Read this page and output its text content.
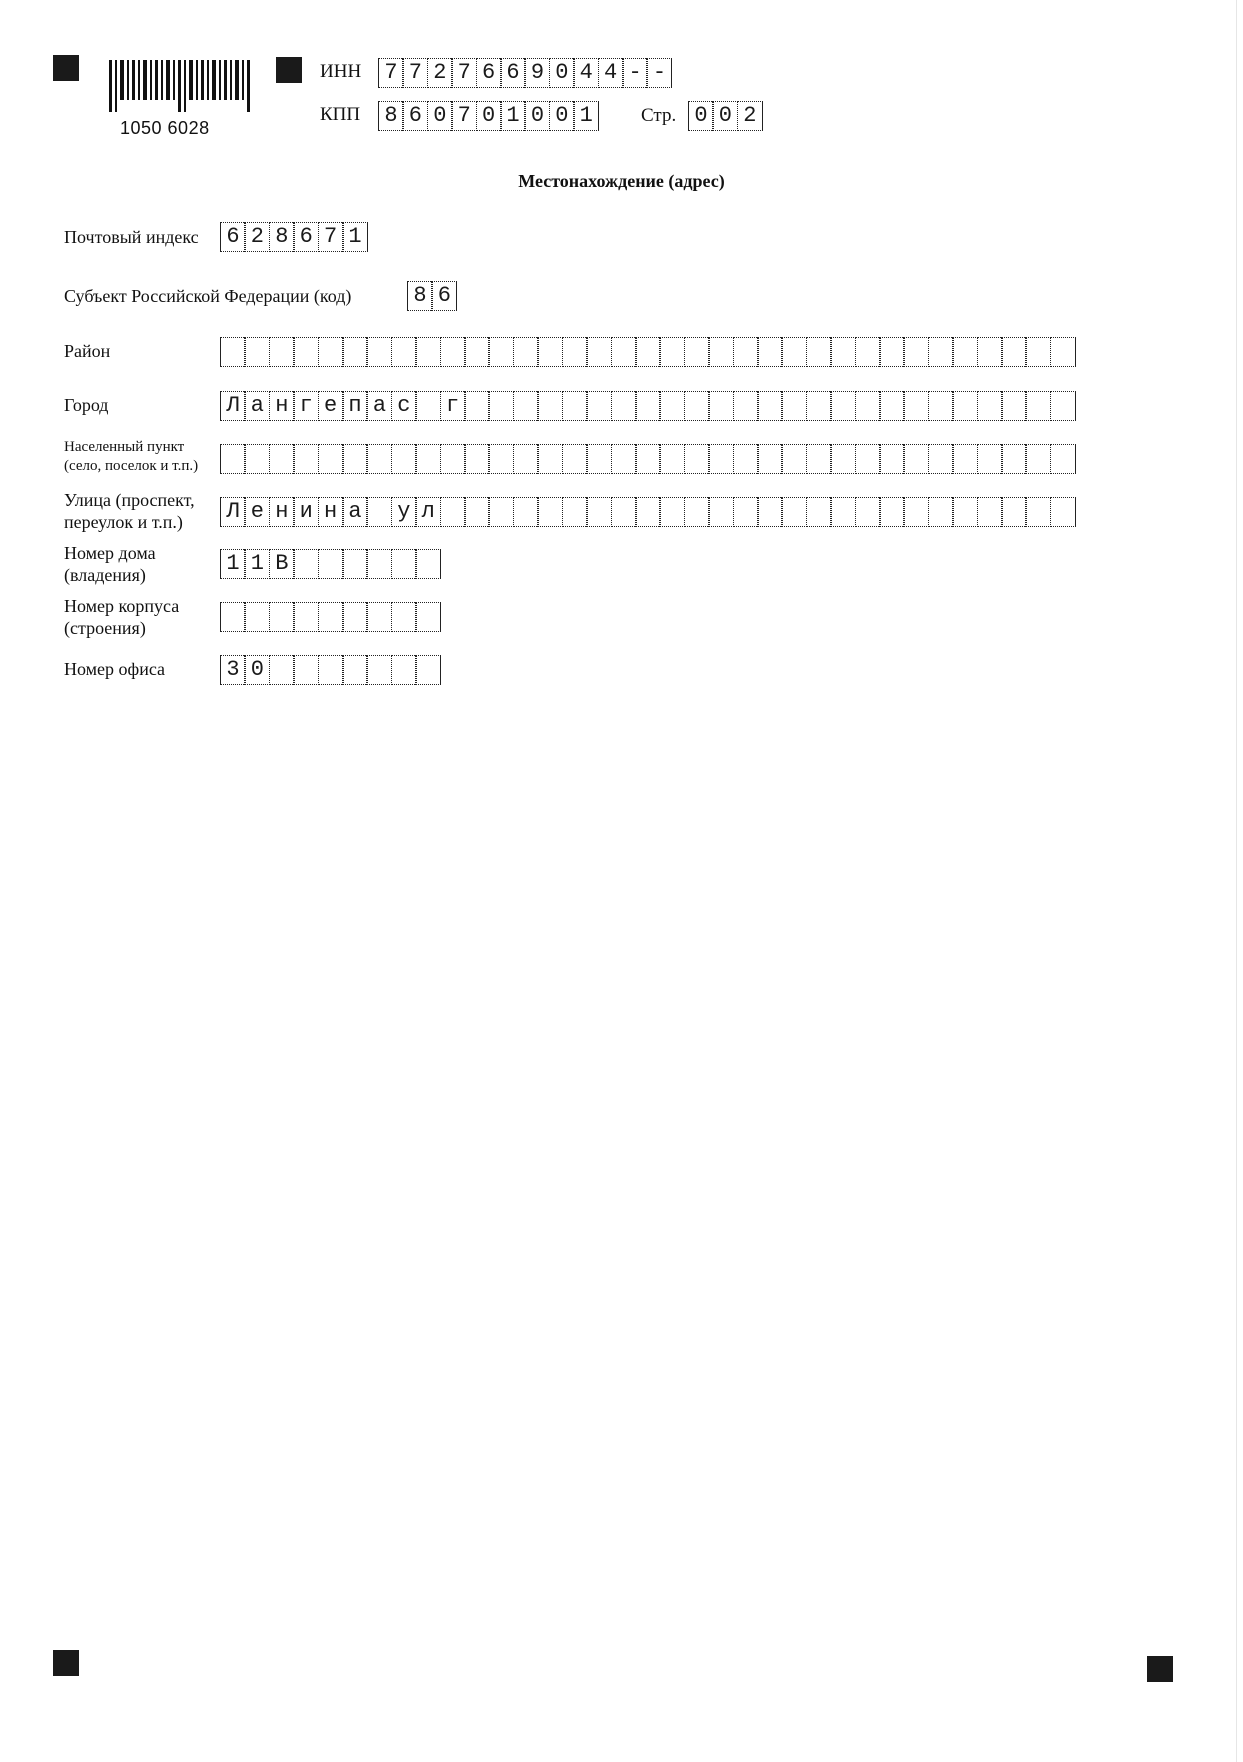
1050 6028
ИНН 7 7 2 7 6 6 9 0 4 4 - -
КПП 8 6 0 7 0 1 0 0 1	Стр. 0 0 2
Местонахождение (адрес)
Почтовый индекс 6 2 8 6 7 1
Субъект Российской Федерации (код)	8 6
Район
Город	Л а н г е п а с г
Населенный пункт
(село, поселок и т.п.)
Улица (проспект,
переулок и т.п.)	Л е н и н а у л
Номер дома
(владения)	1 1 В
Номер корпуса
(строения)
Номер офиса	3 0
